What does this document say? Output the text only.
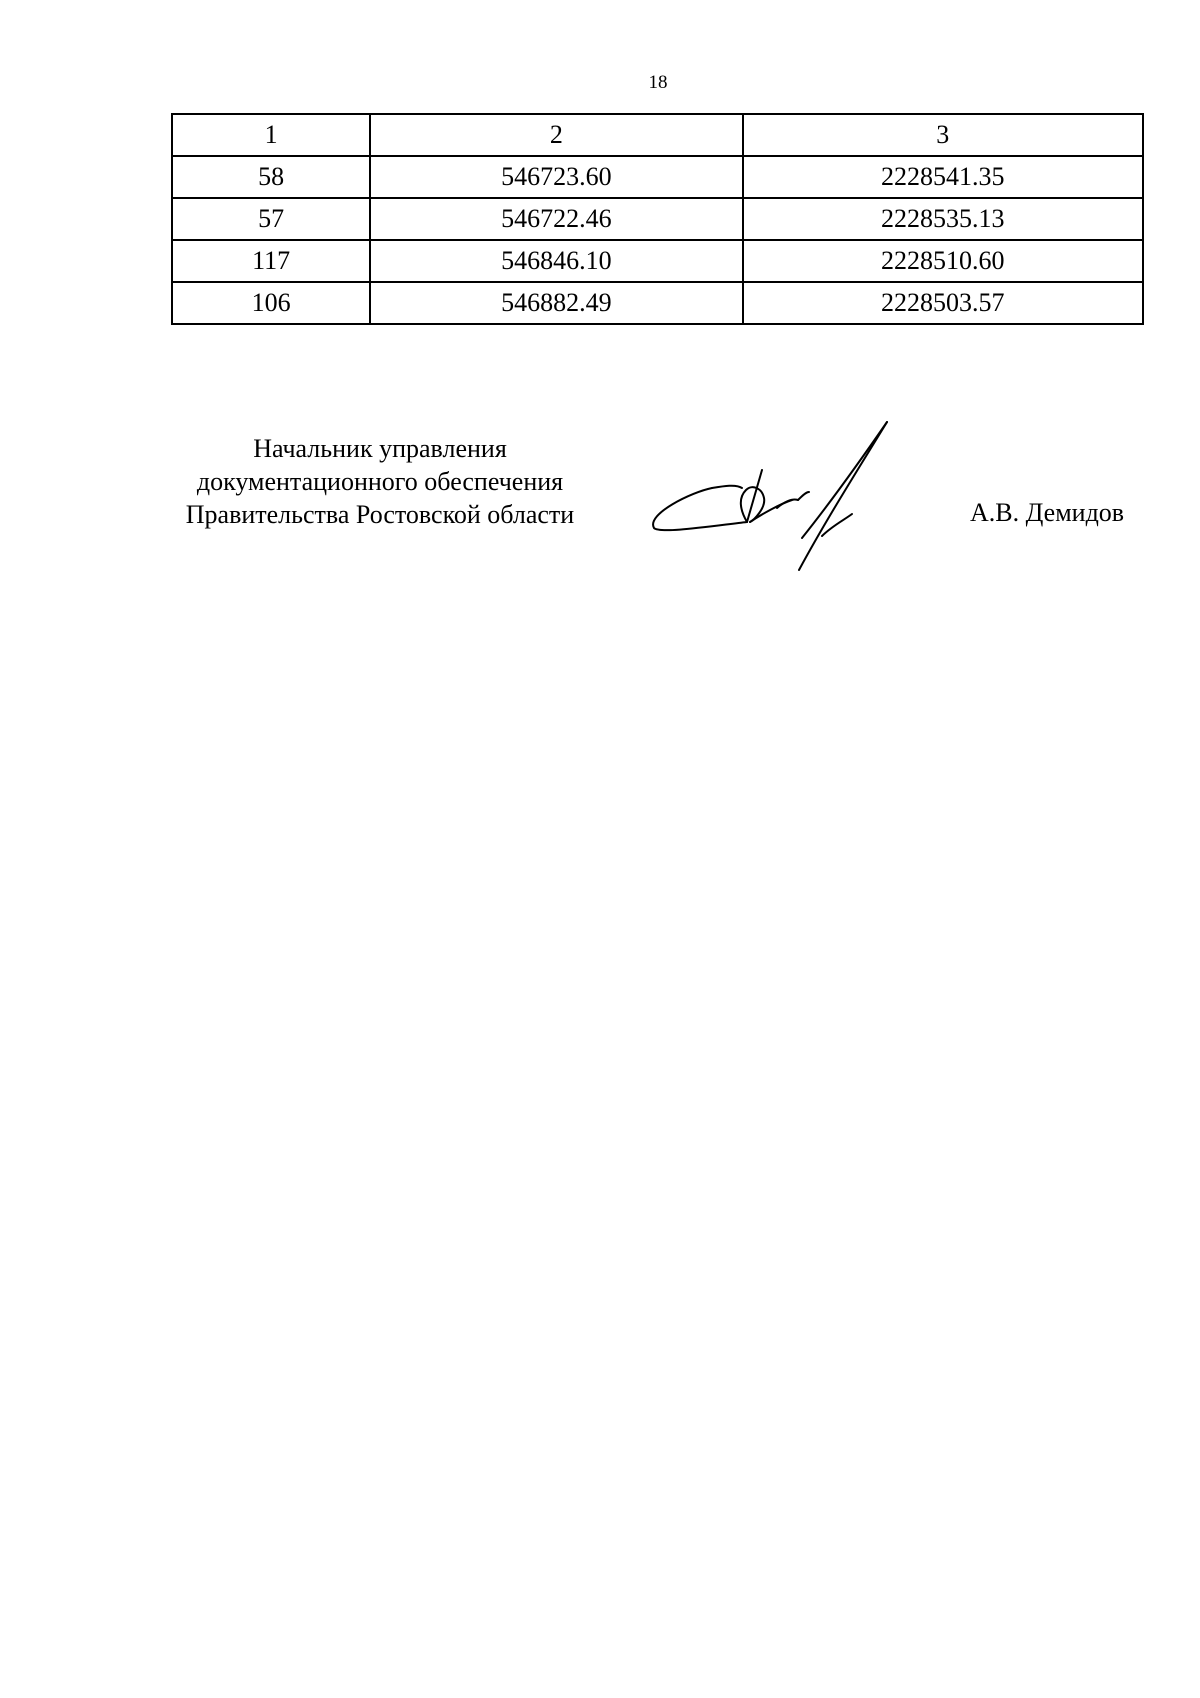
18
1	2	3
58	546723.60	2228541.35
57	546722.46	2228535.13
117	546846.10	2228510.60
106	546882.49	2228503.57
Начальник управления
документационного обеспечения
Правительства Ростовской области	А.В. Демидов
